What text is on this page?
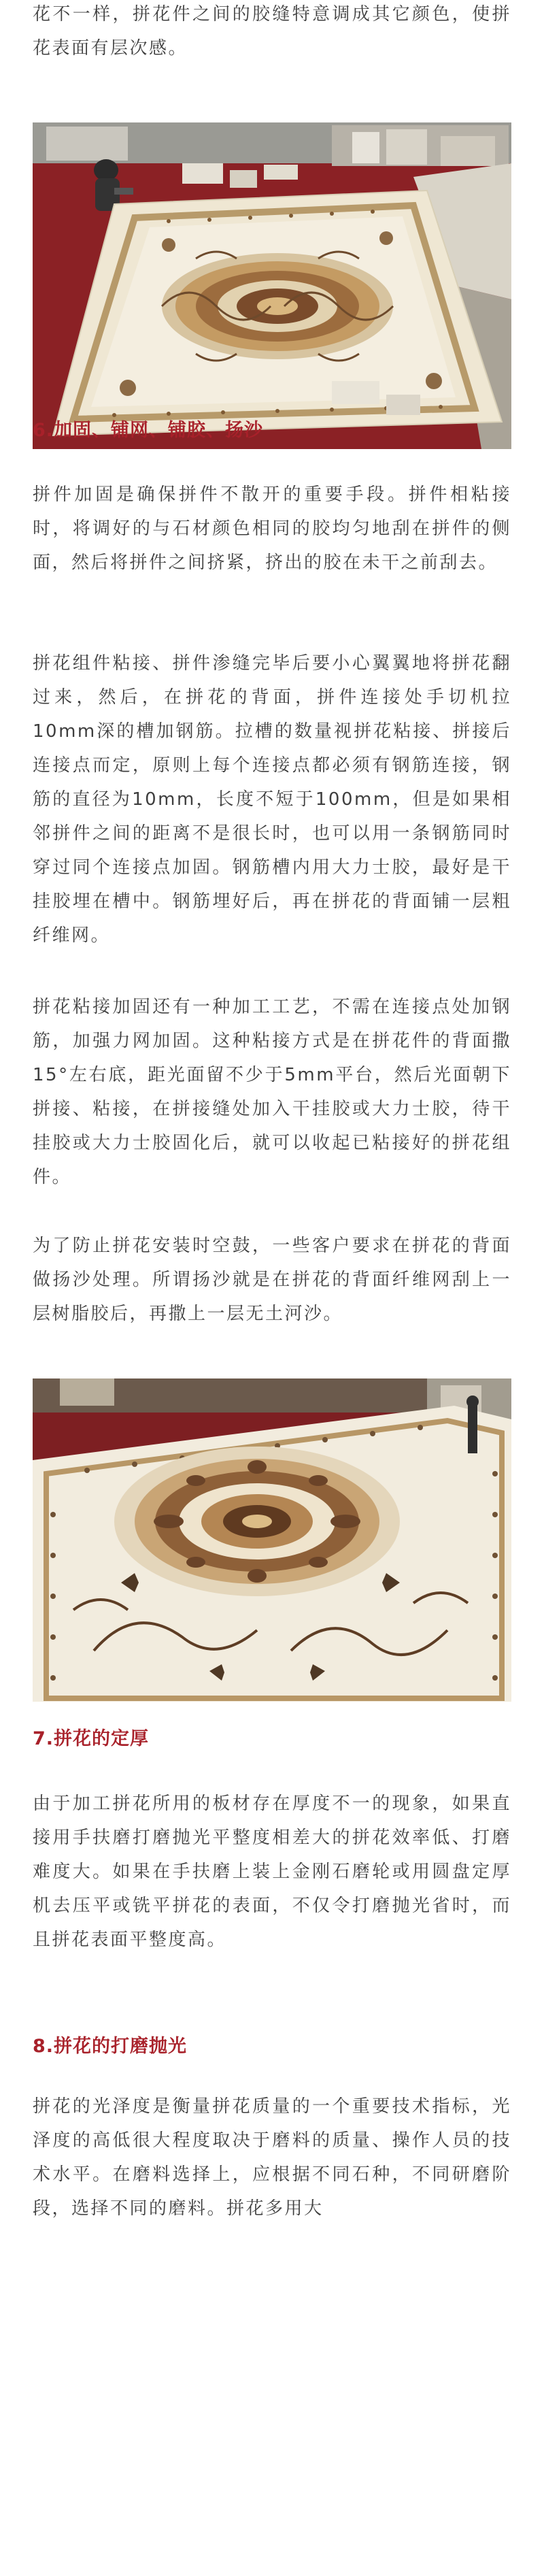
花不一样，拼花件之间的胶缝特意调成其它颜色，使拼花表面有层次感。

6.加固、铺网、铺胶、扬沙

拼件加固是确保拼件不散开的重要手段。拼件相粘接时，将调好的与石材颜色相同的胶均匀地刮在拼件的侧面，然后将拼件之间挤紧，挤出的胶在未干之前刮去。

拼花组件粘接、拼件渗缝完毕后要小心翼翼地将拼花翻过来，然后，在拼花的背面，拼件连接处手切机拉10mm深的槽加钢筋。拉槽的数量视拼花粘接、拼接后连接点而定，原则上每个连接点都必须有钢筋连接，钢筋的直径为10mm，长度不短于100mm，但是如果相邻拼件之间的距离不是很长时，也可以用一条钢筋同时穿过同个连接点加固。钢筋槽内用大力士胶，最好是干挂胶埋在槽中。钢筋埋好后，再在拼花的背面铺一层粗纤维网。

拼花粘接加固还有一种加工工艺，不需在连接点处加钢筋，加强力网加固。这种粘接方式是在拼花件的背面撒15°左右底，距光面留不少于5mm平台，然后光面朝下拼接、粘接，在拼接缝处加入干挂胶或大力士胶，待干挂胶或大力士胶固化后，就可以收起已粘接好的拼花组件。

为了防止拼花安装时空鼓，一些客户要求在拼花的背面做扬沙处理。所谓扬沙就是在拼花的背面纤维网刮上一层树脂胶后，再撒上一层无土河沙。

7.拼花的定厚

由于加工拼花所用的板材存在厚度不一的现象，如果直接用手扶磨打磨抛光平整度相差大的拼花效率低、打磨难度大。如果在手扶磨上装上金刚石磨轮或用圆盘定厚机去压平或铣平拼花的表面，不仅令打磨抛光省时，而且拼花表面平整度高。

8.拼花的打磨抛光

拼花的光泽度是衡量拼花质量的一个重要技术指标，光泽度的高低很大程度取决于磨料的质量、操作人员的技术水平。在磨料选择上，应根据不同石种，不同研磨阶段，选择不同的磨料。拼花多用大
